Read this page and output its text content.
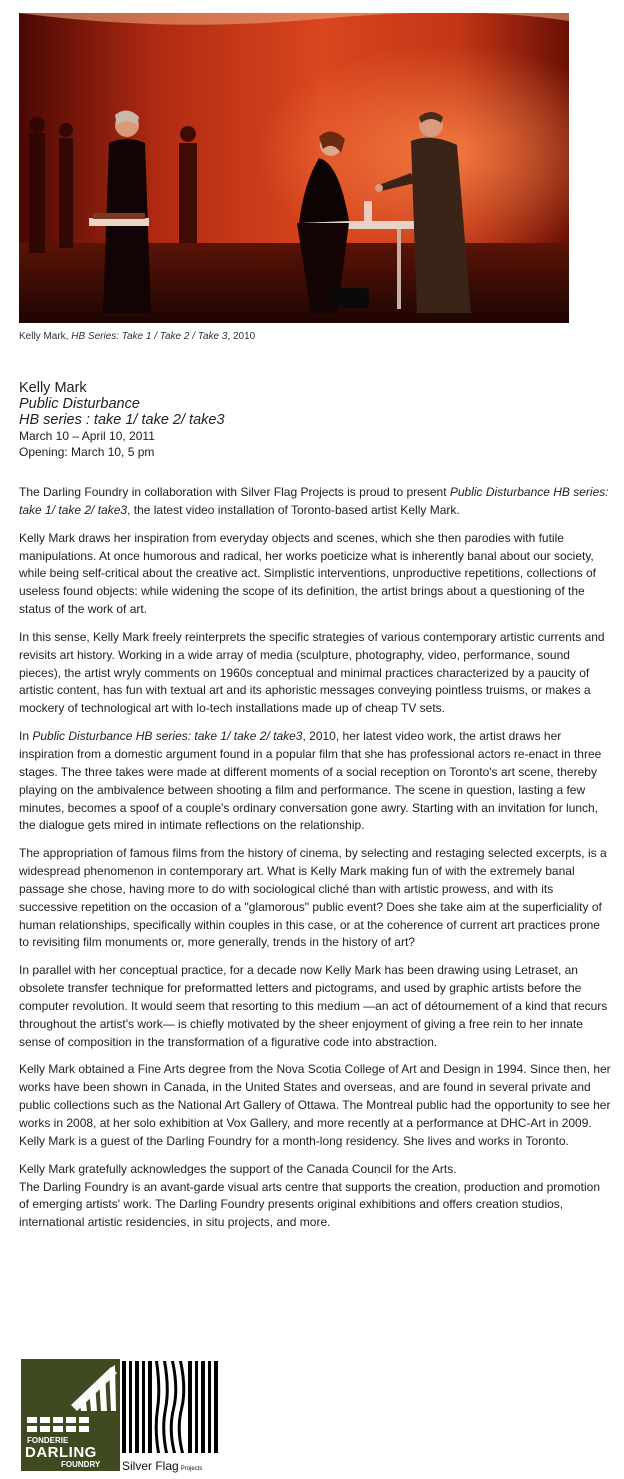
Kelly Mark, HB Series: Take 1 / Take 2 / Take 3, 2010
Kelly Mark
Public Disturbance
HB series : take 1/ take 2/ take3
March 10 – April 10, 2011
Opening: March 10, 5 pm

The Darling Foundry in collaboration with Silver Flag Projects is proud to present Public Disturbance HB series: take 1/ take 2/ take3, the latest video installation of Toronto-based artist Kelly Mark.

Kelly Mark draws her inspiration from everyday objects and scenes, which she then parodies with futile manipulations. At once humorous and radical, her works poeticize what is inherently banal about our society, while being self-critical about the creative act. Simplistic interventions, unproductive repetitions, collections of useless found objects: while widening the scope of its definition, the artist brings about a questioning of the status of the work of art.

In this sense, Kelly Mark freely reinterprets the specific strategies of various contemporary artistic currents and revisits art history. Working in a wide array of media (sculpture, photography, video, performance, sound pieces), the artist wryly comments on 1960s conceptual and minimal practices characterized by a paucity of artistic content, has fun with textual art and its aphoristic messages conveying pointless truisms, or makes a mockery of technological art with lo-tech installations made up of cheap TV sets.

In Public Disturbance HB series: take 1/ take 2/ take3, 2010, her latest video work, the artist draws her inspiration from a domestic argument found in a popular film that she has professional actors re-enact in three stages. The three takes were made at different moments of a social reception on Toronto's art scene, thereby playing on the ambivalence between shooting a film and performance. The scene in question, lasting a few minutes, becomes a spoof of a couple's ordinary conversation gone awry. Starting with an invitation for lunch, the dialogue gets mired in intimate reflections on the relationship.

The appropriation of famous films from the history of cinema, by selecting and restaging selected excerpts, is a widespread phenomenon in contemporary art. What is Kelly Mark making fun of with the extremely banal passage she chose, having more to do with sociological cliché than with artistic prowess, and with its successive repetition on the occasion of a "glamorous" public event? Does she take aim at the superficiality of human relationships, specifically within couples in this case, or at the coherence of current art practices prone to revisiting film monuments or, more generally, trends in the history of art?

In parallel with her conceptual practice, for a decade now Kelly Mark has been drawing using Letraset, an obsolete transfer technique for preformatted letters and pictograms, and used by graphic artists before the computer revolution. It would seem that resorting to this medium —an act of détournement of a kind that recurs throughout the artist's work— is chiefly motivated by the sheer enjoyment of giving a free rein to her innate sense of composition in the transformation of a figurative code into abstraction.

Kelly Mark obtained a Fine Arts degree from the Nova Scotia College of Art and Design in 1994. Since then, her works have been shown in Canada, in the United States and overseas, and are found in several private and public collections such as the National Art Gallery of Ottawa. The Montreal public had the opportunity to see her works in 2008, at her solo exhibition at Vox Gallery, and more recently at a performance at DHC-Art in 2009. Kelly Mark is a guest of the Darling Foundry for a month-long residency. She lives and works in Toronto.

Kelly Mark gratefully acknowledges the support of the Canada Council for the Arts.

The Darling Foundry is an avant-garde visual arts centre that supports the creation, production and promotion of emerging artists' work. The Darling Foundry presents original exhibitions and offers creation studios, international artistic residencies, in situ projects, and more.

FONDERIE
DARLING
FOUNDRY Silver Flag Projects
